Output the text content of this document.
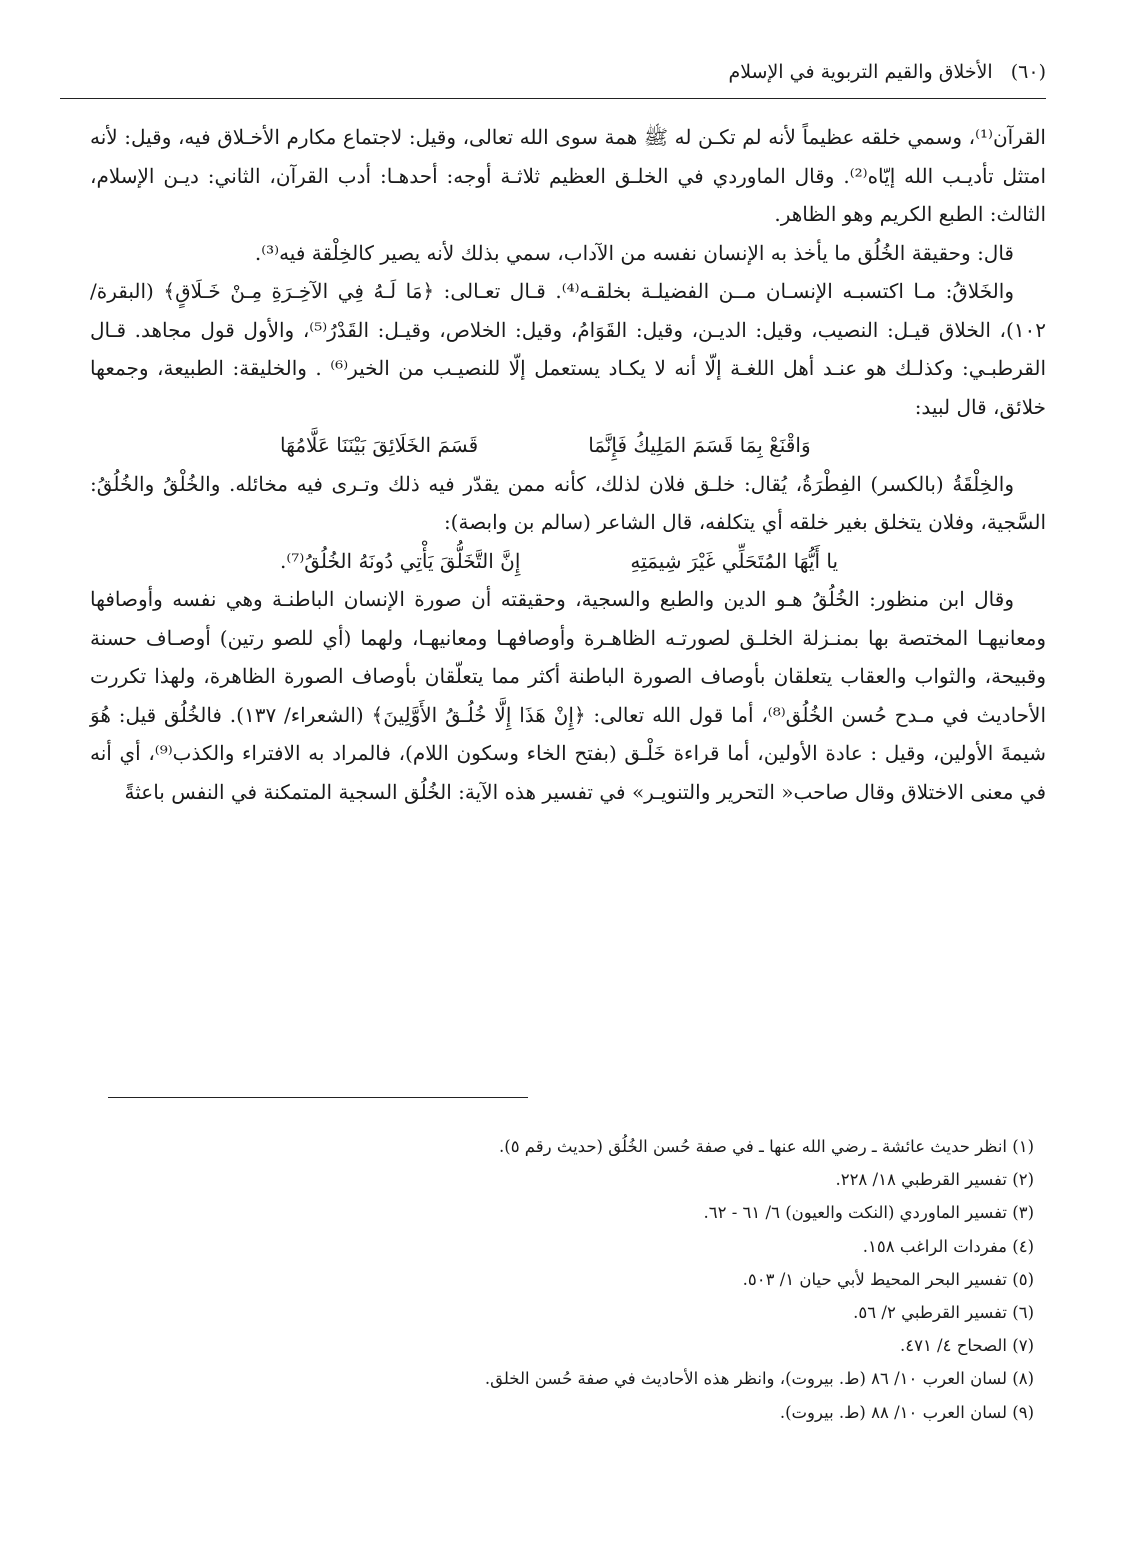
(٦٠) الأخلاق والقيم التربوية في الإسلام

القرآن⁽¹⁾، وسمي خلقه عظيماً لأنه لم تكـن له ﷺ همة سوى الله تعالى، وقيل: لاجتماع مكارم الأخـلاق فيه، وقيل: لأنه امتثل تأديـب الله إيّاه⁽²⁾. وقال الماوردي في الخلـق العظيم ثلاثـة أوجه: أحدهـا: أدب القرآن، الثاني: ديـن الإسلام، الثالث: الطبع الكريم وهو الظاهر.

قال: وحقيقة الخُلُق ما يأخذ به الإنسان نفسه من الآداب، سمي بذلك لأنه يصير كالخِلْقة فيه⁽³⁾.

والخَلاقُ: مـا اكتسبـه الإنسـان مــن الفضيلـة بخلقـه⁽⁴⁾. قـال تعـالى: ﴿مَا لَـهُ فِي الآخِـرَةِ مِـنْ خَـلَاقٍ﴾ (البقرة/ ١٠٢)، الخلاق قيـل: النصيب، وقيل: الديـن، وقيل: القَوَامُ، وقيل: الخلاص، وقيـل: القَدْرُ⁽⁵⁾، والأول قول مجاهد. قـال القرطبـي: وكذلـك هو عنـد أهل اللغـة إلّا أنه لا يكـاد يستعمل إلّا للنصيـب من الخير⁽⁶⁾ . والخليقة: الطبيعة، وجمعها خلائق، قال لبيد:

وَاقْنَعْ بِمَا قَسَمَ المَلِيكُ فَإِنَّمَا
قَسَمَ الخَلَائِقَ بَيْنَنَا عَلَّامُهَا

والخِلْقَةُ (بالكسر) الفِطْرَةُ، يُقال: خلـق فلان لذلك، كأنه ممن يقدّر فيه ذلك وتـرى فيه مخائله. والخُلْقُ والخُلُقُ: السَّجية، وفلان يتخلق بغير خلقه أي يتكلفه، قال الشاعر (سالم بن وابصة):

يا أَيُّهَا المُتَحَلِّي غَيْرَ شِيمَتِهِ
إِنَّ التَّخَلُّقَ يَأْتِي دُونَهُ الخُلُقُ⁽⁷⁾.

وقال ابن منظور: الخُلُقُ هـو الدين والطبع والسجية، وحقيقته أن صورة الإنسان الباطنـة وهي نفسه وأوصافها ومعانيهـا المختصة بها بمنـزلة الخلـق لصورتـه الظاهـرة وأوصافهـا ومعانيهـا، ولهما (أي للصو رتين) أوصـاف حسنة وقبيحة، والثواب والعقاب يتعلقان بأوصاف الصورة الباطنة أكثر مما يتعلّقان بأوصاف الصورة الظاهرة، ولهذا تكررت الأحاديث في مـدح حُسن الخُلُق⁽⁸⁾، أما قول الله تعالى: ﴿إِنْ هَذَا إِلَّا خُلُـقُ الأَوَّلِينَ﴾ (الشعراء/ ١٣٧). فالخُلُق قيل: هُوَ شيمةَ الأولين، وقيل : عادة الأولين، أما قراءة خَلْـق (بفتح الخاء وسكون اللام)، فالمراد به الافتراء والكذب⁽⁹⁾، أي أنه في معنى الاختلاق وقال صاحب« التحرير والتنويـر» في تفسير هذه الآية: الخُلُق السجية المتمكنة في النفس باعثةً

(١) انظر حديث عائشة ـ رضي الله عنها ـ في صفة حُسن الخُلُق (حديث رقم ٥).
(٢) تفسير القرطبي ١٨/ ٢٢٨.
(٣) تفسير الماوردي (النكت والعيون) ٦/ ٦١ - ٦٢.
(٤) مفردات الراغب ١٥٨.
(٥) تفسير البحر المحيط لأبي حيان ١/ ٥٠٣.
(٦) تفسير القرطبي ٢/ ٥٦.
(٧) الصحاح ٤/ ٤٧١.
(٨) لسان العرب ١٠/ ٨٦ (ط. بيروت)، وانظر هذه الأحاديث في صفة حُسن الخلق.
(٩) لسان العرب ١٠/ ٨٨ (ط. بيروت).
